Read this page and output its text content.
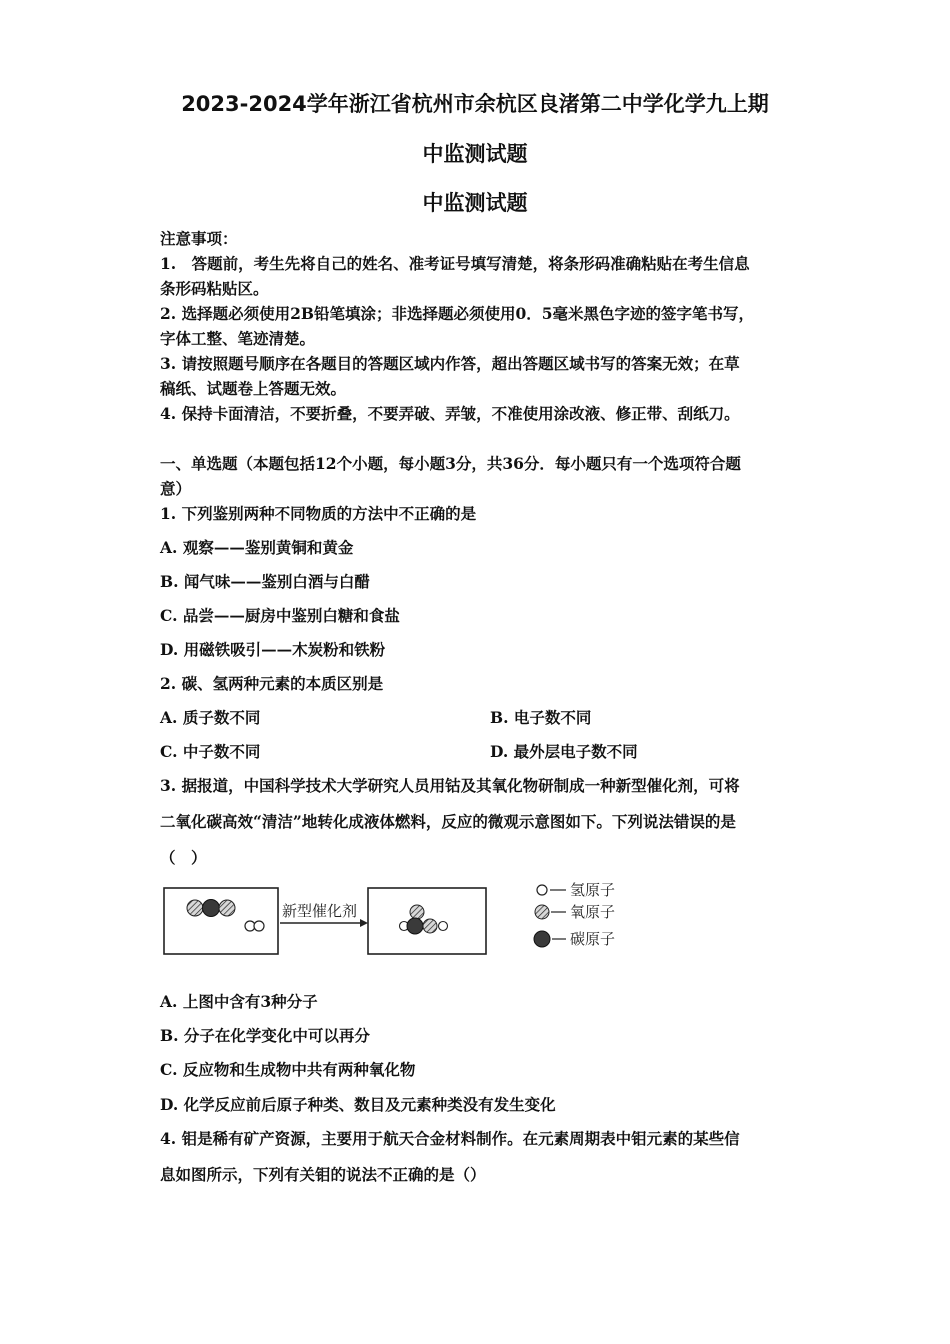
2023-2024学年浙江省杭州市余杭区良渚第二中学化学九上期
中监测试题
中监测试题
注意事项：
1.　答题前，考生先将自己的姓名、准考证号填写清楚，将条形码准确粘贴在考生信息
条形码粘贴区。
2. 选择题必须使用2B铅笔填涂；非选择题必须使用0．5毫米黑色字迹的签字笔书写，
字体工整、笔迹清楚。
3. 请按照题号顺序在各题目的答题区域内作答，超出答题区域书写的答案无效；在草
稿纸、试题卷上答题无效。
4. 保持卡面清洁，不要折叠，不要弄破、弄皱，不准使用涂改液、修正带、刮纸刀。
一、单选题（本题包括12个小题，每小题3分，共36分．每小题只有一个选项符合题
意）
1. 下列鉴别两种不同物质的方法中不正确的是
A. 观察——鉴别黄铜和黄金
B. 闻气味——鉴别白酒与白醋
C. 品尝——厨房中鉴别白糖和食盐
D. 用磁铁吸引——木炭粉和铁粉
2. 碳、氢两种元素的本质区别是
A. 质子数不同	B. 电子数不同
C. 中子数不同	D. 最外层电子数不同
3. 据报道，中国科学技术大学研究人员用钴及其氧化物研制成一种新型催化剂，可将
二氧化碳高效“清洁”地转化成液体燃料，反应的微观示意图如下。下列说法错误的是
（　）
新型催化剂
氢原子
氧原子
碳原子
A. 上图中含有3种分子
B. 分子在化学变化中可以再分
C. 反应物和生成物中共有两种氧化物
D. 化学反应前后原子种类、数目及元素种类没有发生变化
4. 钼是稀有矿产资源，主要用于航天合金材料制作。在元素周期表中钼元素的某些信
息如图所示，下列有关钼的说法不正确的是（）
